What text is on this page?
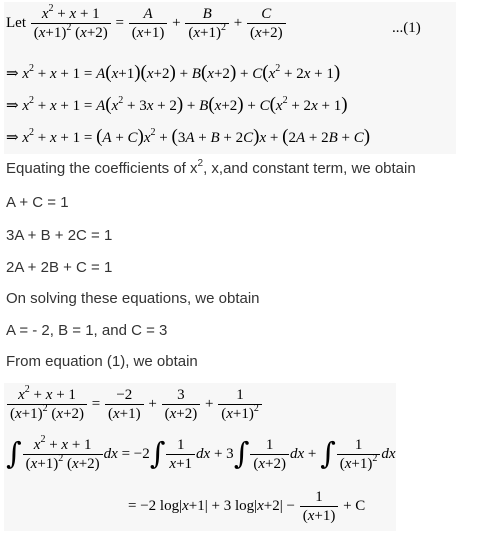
Let $\frac{x^2 + x + 1}{(x+1)^2 (x+2)} = \frac{A}{(x+1)} + \frac{B}{(x+1)^2} + \frac{C}{(x+2)}$	...(1)
⇒ $x^2 + x + 1 = A(x+1)(x+2) + B(x+2) + C(x^2 + 2x + 1)$
⇒ $x^2 + x + 1 = A(x^2 + 3x + 2) + B(x+2) + C(x^2 + 2x + 1)$
⇒ $x^2 + x + 1 = (A + C)x^2 + (3A + B + 2C)x + (2A + 2B + C)$
Equating the coefficients of $x^2$, x,and constant term, we obtain
A + C = 1
3A + B + 2C = 1
2A + 2B + C = 1
On solving these equations, we obtain
A = - 2, B = 1, and C = 3
From equation (1), we obtain
$\frac{x^2 + x + 1}{(x+1)^2 (x+2)} = \frac{-2}{(x+1)} + \frac{3}{(x+2)} + \frac{1}{(x+1)^2}$
∫ $\frac{x^2 + x + 1}{(x+1)^2 (x+2)}$ dx = $-2\int \frac{1}{x+1}$ dx + $3\int \frac{1}{(x+2)}$ dx + ∫ $\frac{1}{(x+1)^2}$ dx
= −2 log|x+1| + 3 $\log|x+2| - \frac{1}{(x+1)} + C$
